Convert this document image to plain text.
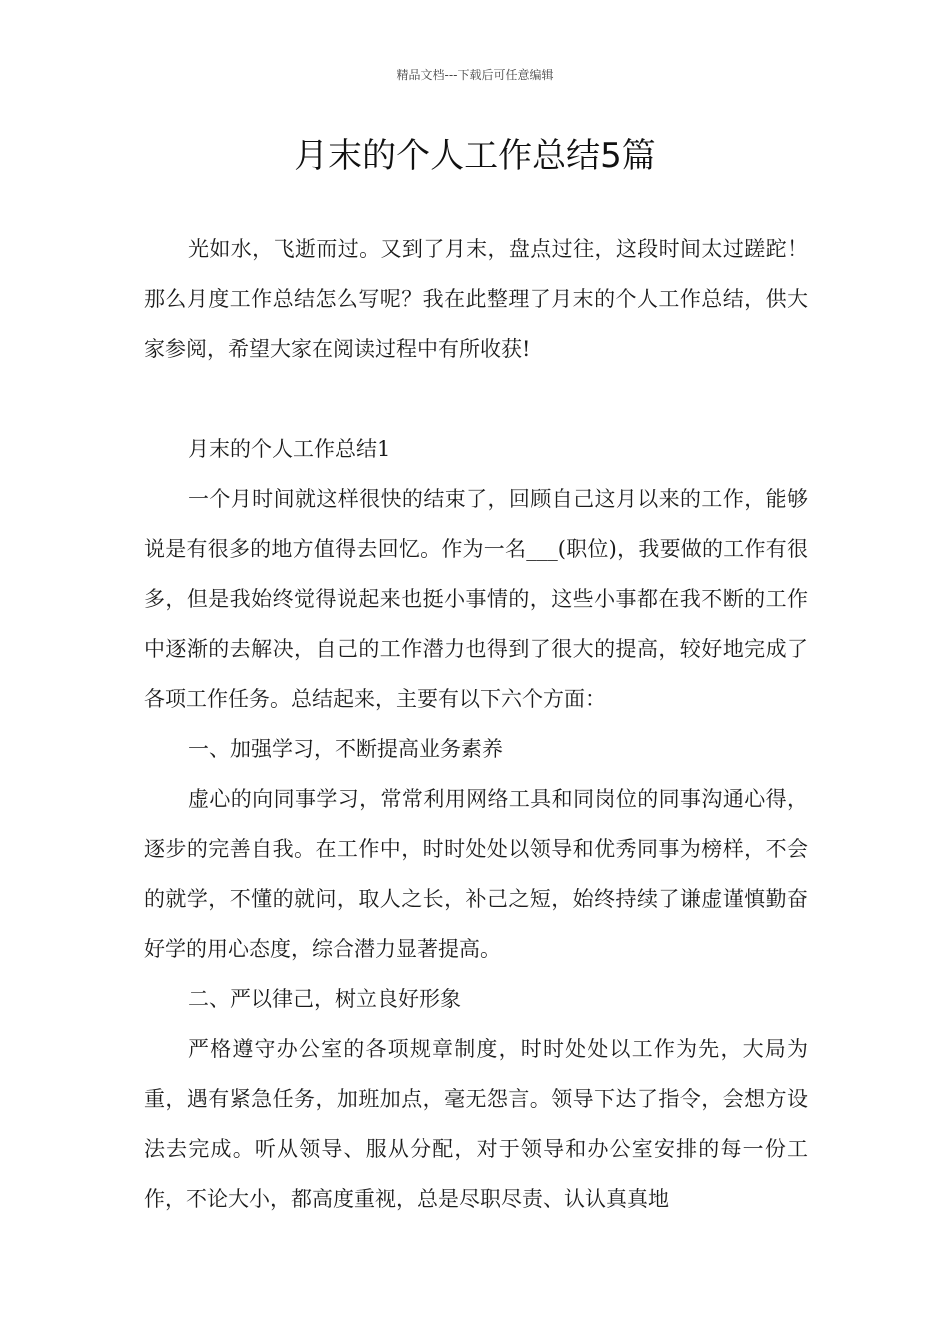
精品文档---下载后可任意编辑
月末的个人工作总结5篇

光如水，飞逝而过。又到了月末，盘点过往，这段时间太过蹉跎！那么月度工作总结怎么写呢？我在此整理了月末的个人工作总结，供大家参阅，希望大家在阅读过程中有所收获!

月末的个人工作总结1

一个月时间就这样很快的结束了，回顾自己这月以来的工作，能够说是有很多的地方值得去回忆。作为一名___(职位)，我要做的工作有很多，但是我始终觉得说起来也挺小事情的，这些小事都在我不断的工作中逐渐的去解决，自己的工作潜力也得到了很大的提高，较好地完成了各项工作任务。总结起来，主要有以下六个方面：

一、加强学习，不断提高业务素养

虚心的向同事学习，常常利用网络工具和同岗位的同事沟通心得，逐步的完善自我。在工作中，时时处处以领导和优秀同事为榜样，不会的就学，不懂的就问，取人之长，补己之短，始终持续了谦虚谨慎勤奋好学的用心态度，综合潜力显著提高。

二、严以律己，树立良好形象

严格遵守办公室的各项规章制度，时时处处以工作为先，大局为重，遇有紧急任务，加班加点，毫无怨言。领导下达了指令，会想方设法去完成。听从领导、服从分配，对于领导和办公室安排的每一份工作，不论大小，都高度重视，总是尽职尽责、认认真真地
